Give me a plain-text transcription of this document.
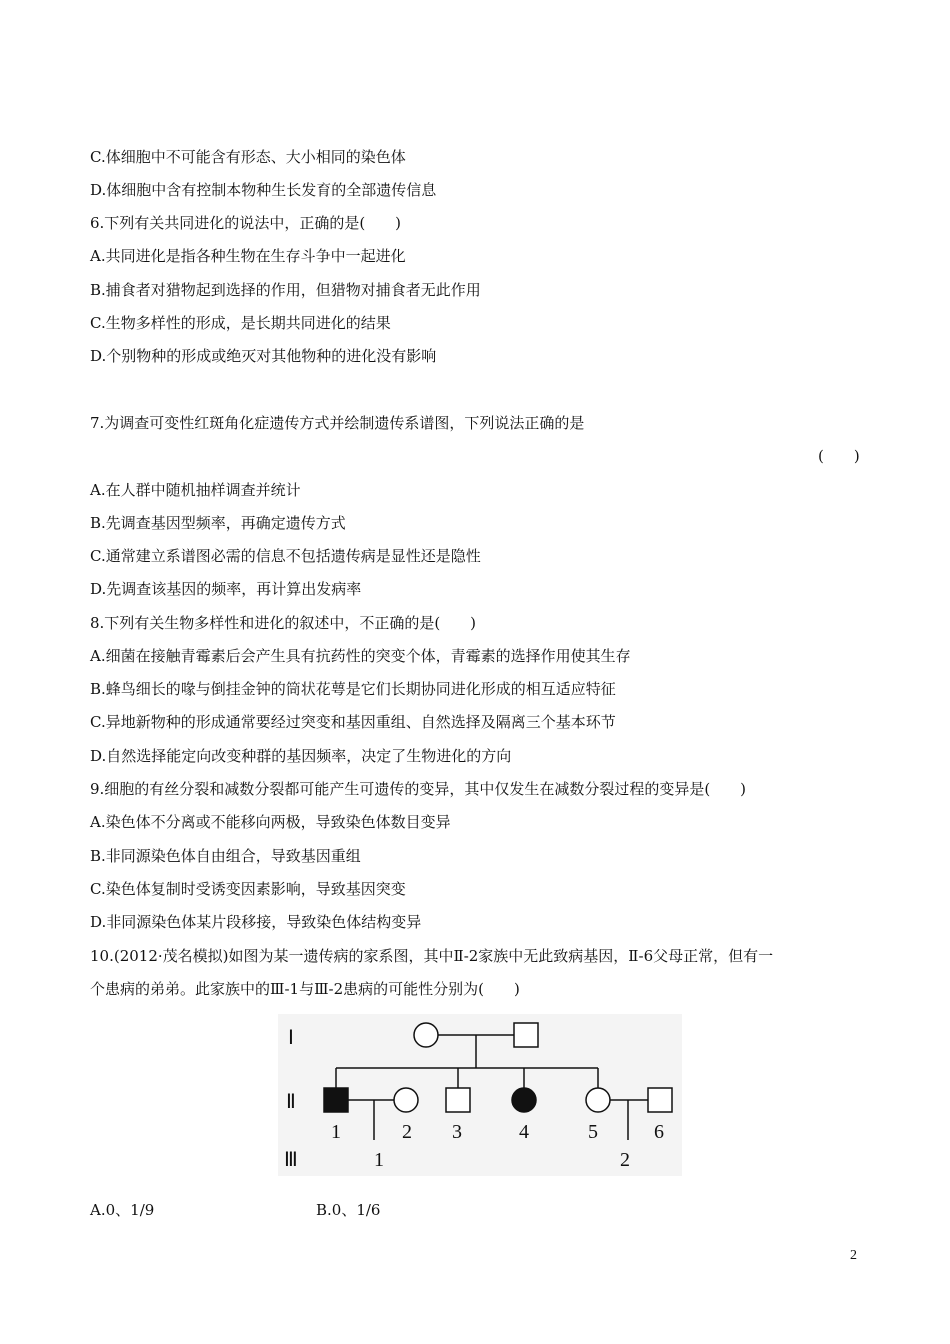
C.体细胞中不可能含有形态、大小相同的染色体
D.体细胞中含有控制本物种生长发育的全部遗传信息
6.下列有关共同进化的说法中，正确的是(　　)
A.共同进化是指各种生物在生存斗争中一起进化
B.捕食者对猎物起到选择的作用，但猎物对捕食者无此作用
C.生物多样性的形成，是长期共同进化的结果
D.个别物种的形成或绝灭对其他物种的进化没有影响
7.为调查可变性红斑角化症遗传方式并绘制遗传系谱图，下列说法正确的是
(　　)
A.在人群中随机抽样调查并统计
B.先调查基因型频率，再确定遗传方式
C.通常建立系谱图必需的信息不包括遗传病是显性还是隐性
D.先调查该基因的频率，再计算出发病率
8.下列有关生物多样性和进化的叙述中，不正确的是(　　)
A.细菌在接触青霉素后会产生具有抗药性的突变个体，青霉素的选择作用使其生存
B.蜂鸟细长的喙与倒挂金钟的筒状花萼是它们长期协同进化形成的相互适应特征
C.异地新物种的形成通常要经过突变和基因重组、自然选择及隔离三个基本环节
D.自然选择能定向改变种群的基因频率，决定了生物进化的方向
9.细胞的有丝分裂和减数分裂都可能产生可遗传的变异，其中仅发生在减数分裂过程的变异是(　　)
A.染色体不分离或不能移向两极，导致染色体数目变异
B.非同源染色体自由组合，导致基因重组
C.染色体复制时受诱变因素影响，导致基因突变
D.非同源染色体某片段移接，导致染色体结构变异
10.(2012·茂名模拟)如图为某一遗传病的家系图，其中Ⅱ-2家族中无此致病基因，Ⅱ-6父母正常，但有一
个患病的弟弟。此家族中的Ⅲ-1与Ⅲ-2患病的可能性分别为(　　)
Ⅰ
Ⅱ
Ⅲ
1	2 3	4	5	6
1	2
A.0、1/9	B.0、1/6
2
